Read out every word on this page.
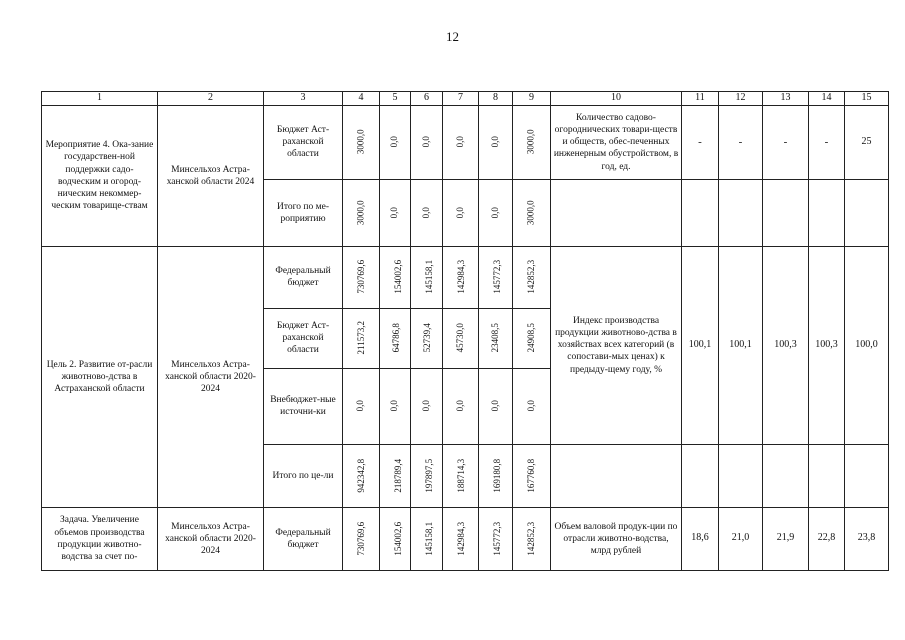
12
1	2	3	4	5	6	7	8	9	10	11	12	13	14	15
Мероприятие 4. Ока-зание государствен-ной поддержки садо-водческим и огород-ническим некоммер-ческим товарище-ствам	Минсельхоз Астра-ханской области 2024	Бюджет Аст-раханской области	3000,0	0,0	0,0	0,0	0,0	3000,0	Количество садово-огороднических товари-ществ и обществ, обес-печенных инженерным обустройством, в год, ед.	-	-	-	-	25
		Итого по ме-роприятию	3000,0	0,0	0,0	0,0	0,0	3000,0						
Цель 2. Развитие от-расли животново-дства в Астраханской области	Минсельхоз Астра-ханской области 2020-2024	Федеральный бюджет	730769,6	154002,6	145158,1	142984,3	145772,3	142852,3	Индекс производства продукции животново-дства в хозяйствах всех категорий (в сопостави-мых ценах) к предыду-щему году, %	100,1	100,1	100,3	100,3	100,0
		Бюджет Аст-раханской области	211573,2	64786,8	52739,4	45730,0	23408,5	24908,5						
		Внебюджет-ные источни-ки	0,0	0,0	0,0	0,0	0,0	0,0						
		Итого по це-ли	942342,8	218789,4	197897,5	188714,3	169180,8	167760,8						
Задача. Увеличение объемов производства продукции животно-водства за счет по-	Минсельхоз Астра-ханской области 2020-2024	Федеральный бюджет	730769,6	154002,6	145158,1	142984,3	145772,3	142852,3	Объем валовой продук-ции по отрасли животно-водства, млрд рублей	18,6	21,0	21,9	22,8	23,8
